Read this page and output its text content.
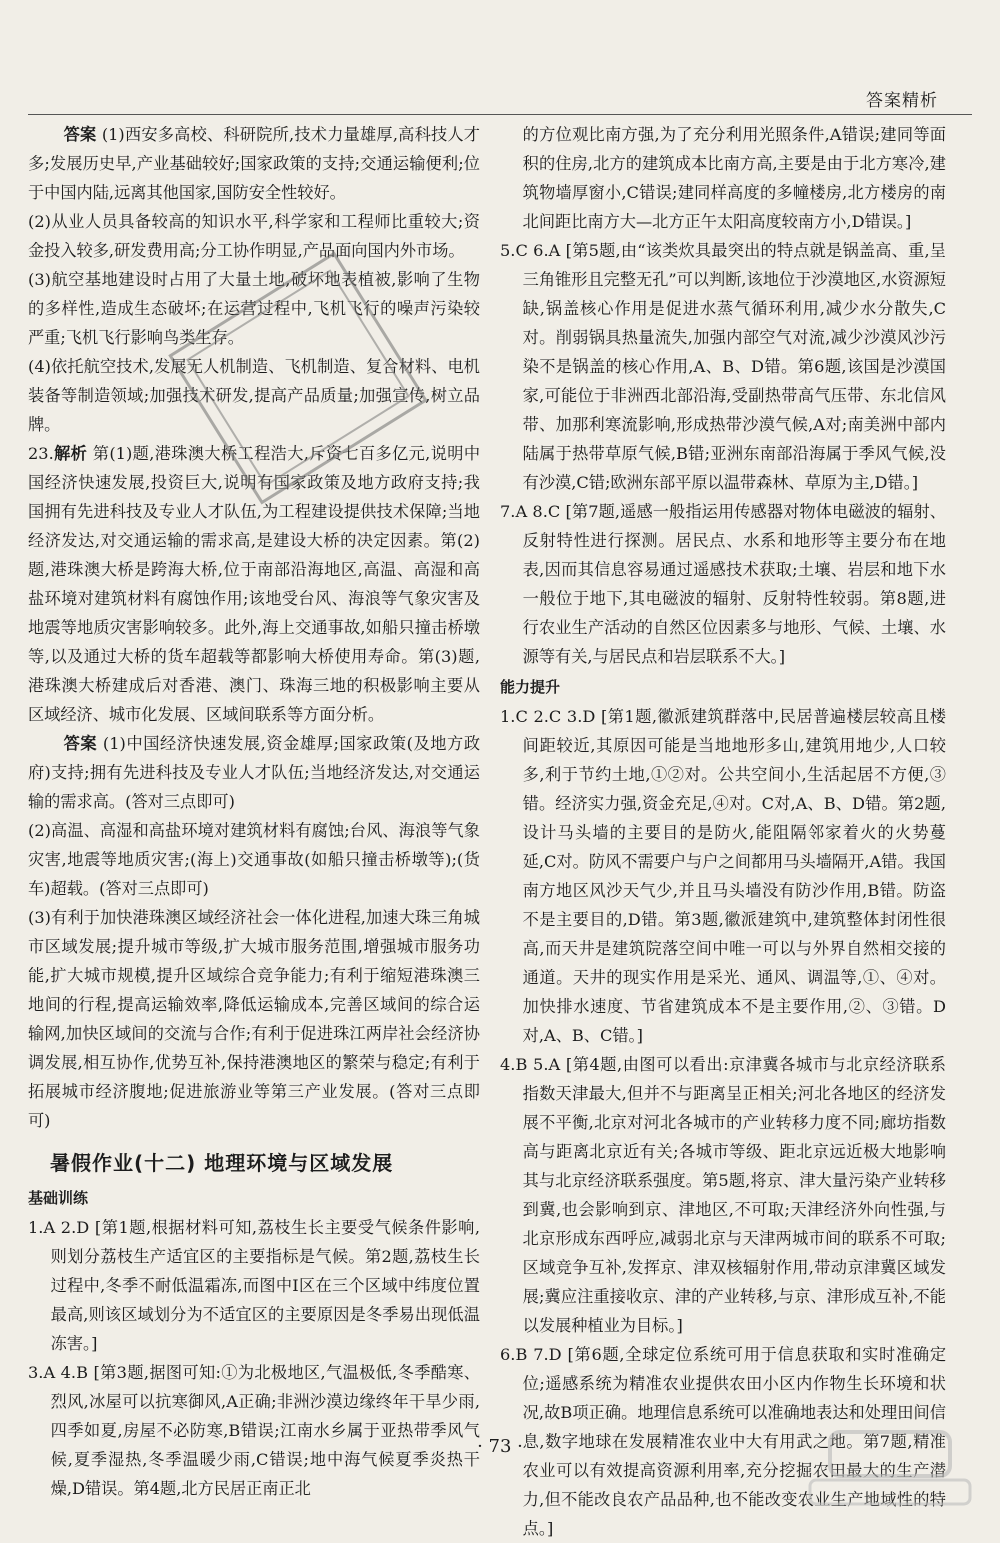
答案精析

答案 (1)西安多高校、科研院所,技术力量雄厚,高科技人才多;发展历史早,产业基础较好;国家政策的支持;交通运输便利;位于中国内陆,远离其他国家,国防安全性较好。

(2)从业人员具备较高的知识水平,科学家和工程师比重较大;资金投入较多,研发费用高;分工协作明显,产品面向国内外市场。

(3)航空基地建设时占用了大量土地,破坏地表植被,影响了生物的多样性,造成生态破坏;在运营过程中,飞机飞行的噪声污染较严重;飞机飞行影响鸟类生存。

(4)依托航空技术,发展无人机制造、飞机制造、复合材料、电机装备等制造领域;加强技术研发,提高产品质量;加强宣传,树立品牌。

23.解析 第(1)题,港珠澳大桥工程浩大,斥资七百多亿元,说明中国经济快速发展,投资巨大,说明有国家政策及地方政府支持;我国拥有先进科技及专业人才队伍,为工程建设提供技术保障;当地经济发达,对交通运输的需求高,是建设大桥的决定因素。第(2)题,港珠澳大桥是跨海大桥,位于南部沿海地区,高温、高湿和高盐环境对建筑材料有腐蚀作用;该地受台风、海浪等气象灾害及地震等地质灾害影响较多。此外,海上交通事故,如船只撞击桥墩等,以及通过大桥的货车超载等都影响大桥使用寿命。第(3)题,港珠澳大桥建成后对香港、澳门、珠海三地的积极影响主要从区域经济、城市化发展、区域间联系等方面分析。

答案 (1)中国经济快速发展,资金雄厚;国家政策(及地方政府)支持;拥有先进科技及专业人才队伍;当地经济发达,对交通运输的需求高。(答对三点即可)

(2)高温、高湿和高盐环境对建筑材料有腐蚀;台风、海浪等气象灾害,地震等地质灾害;(海上)交通事故(如船只撞击桥墩等);(货车)超载。(答对三点即可)

(3)有利于加快港珠澳区域经济社会一体化进程,加速大珠三角城市区域发展;提升城市等级,扩大城市服务范围,增强城市服务功能,扩大城市规模,提升区域综合竞争能力;有利于缩短港珠澳三地间的行程,提高运输效率,降低运输成本,完善区域间的综合运输网,加快区域间的交流与合作;有利于促进珠江两岸社会经济协调发展,相互协作,优势互补,保持港澳地区的繁荣与稳定;有利于拓展城市经济腹地;促进旅游业等第三产业发展。(答对三点即可)

暑假作业(十二) 地理环境与区域发展
基础训练

1.A 2.D [第1题,根据材料可知,荔枝生长主要受气候条件影响,则划分荔枝生产适宜区的主要指标是气候。第2题,荔枝生长过程中,冬季不耐低温霜冻,而图中Ⅰ区在三个区域中纬度位置最高,则该区域划分为不适宜区的主要原因是冬季易出现低温冻害。]

3.A 4.B [第3题,据图可知:①为北极地区,气温极低,冬季酷寒、烈风,冰屋可以抗寒御风,A正确;非洲沙漠边缘终年干旱少雨,四季如夏,房屋不必防寒,B错误;江南水乡属于亚热带季风气候,夏季湿热,冬季温暖少雨,C错误;地中海气候夏季炎热干燥,D错误。第4题,北方民居正南正北

的方位观比南方强,为了充分利用光照条件,A错误;建同等面积的住房,北方的建筑成本比南方高,主要是由于北方寒冷,建筑物墙厚窗小,C错误;建同样高度的多幢楼房,北方楼房的南北间距比南方大—北方正午太阳高度较南方小,D错误。]

5.C 6.A [第5题,由“该类炊具最突出的特点就是锅盖高、重,呈三角锥形且完整无孔”可以判断,该地位于沙漠地区,水资源短缺,锅盖核心作用是促进水蒸气循环利用,减少水分散失,C对。削弱锅具热量流失,加强内部空气对流,减少沙漠风沙污染不是锅盖的核心作用,A、B、D错。第6题,该国是沙漠国家,可能位于非洲西北部沿海,受副热带高气压带、东北信风带、加那利寒流影响,形成热带沙漠气候,A对;南美洲中部内陆属于热带草原气候,B错;亚洲东南部沿海属于季风气候,没有沙漠,C错;欧洲东部平原以温带森林、草原为主,D错。]

7.A 8.C [第7题,遥感一般指运用传感器对物体电磁波的辐射、反射特性进行探测。居民点、水系和地形等主要分布在地表,因而其信息容易通过遥感技术获取;土壤、岩层和地下水一般位于地下,其电磁波的辐射、反射特性较弱。第8题,进行农业生产活动的自然区位因素多与地形、气候、土壤、水源等有关,与居民点和岩层联系不大。]

能力提升

1.C 2.C 3.D [第1题,徽派建筑群落中,民居普遍楼层较高且楼间距较近,其原因可能是当地地形多山,建筑用地少,人口较多,利于节约土地,①②对。公共空间小,生活起居不方便,③错。经济实力强,资金充足,④对。C对,A、B、D错。第2题,设计马头墙的主要目的是防火,能阻隔邻家着火的火势蔓延,C对。防风不需要户与户之间都用马头墙隔开,A错。我国南方地区风沙天气少,并且马头墙没有防沙作用,B错。防盗不是主要目的,D错。第3题,徽派建筑中,建筑整体封闭性很高,而天井是建筑院落空间中唯一可以与外界自然相交接的通道。天井的现实作用是采光、通风、调温等,①、④对。加快排水速度、节省建筑成本不是主要作用,②、③错。D对,A、B、C错。]

4.B 5.A [第4题,由图可以看出:京津冀各城市与北京经济联系指数天津最大,但并不与距离呈正相关;河北各地区的经济发展不平衡,北京对河北各城市的产业转移力度不同;廊坊指数高与距离北京近有关;各城市等级、距北京远近极大地影响其与北京经济联系强度。第5题,将京、津大量污染产业转移到冀,也会影响到京、津地区,不可取;天津经济外向性强,与北京形成东西呼应,减弱北京与天津两城市间的联系不可取;区域竞争互补,发挥京、津双核辐射作用,带动京津冀区域发展;冀应注重接收京、津的产业转移,与京、津形成互补,不能以发展种植业为目标。]

6.B 7.D [第6题,全球定位系统可用于信息获取和实时准确定位;遥感系统为精准农业提供农田小区内作物生长环境和状况,故B项正确。地理信息系统可以准确地表达和处理田间信息,数字地球在发展精准农业中大有用武之地。第7题,精准农业可以有效提高资源利用率,充分挖掘农田最大的生产潜力,但不能改良农产品品种,也不能改变农业生产地域性的特点。]

· 73 ·
